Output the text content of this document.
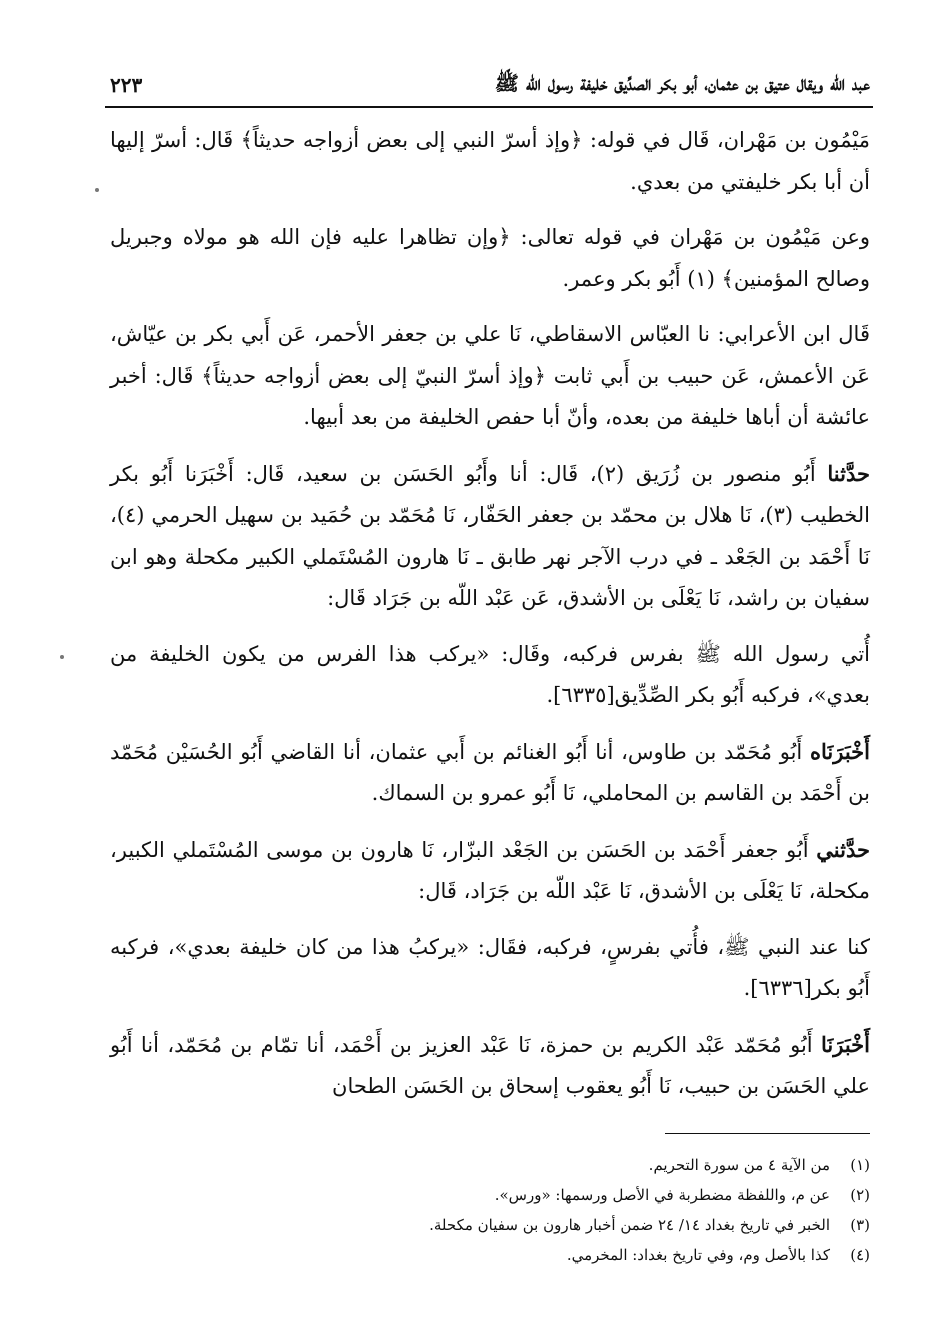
٢٢٣	عبد الله ويقال عتيق بن عثمان، أبو بكر الصدِّيق خليفة رسول الله ﷺ

مَيْمُون بن مَهْران، قَال في قوله: ﴿وإذ أسرّ النبي إلى بعض أزواجه حديثاً﴾ قَال: أسرّ إليها أن أبا بكر خليفتي من بعدي.

وعن مَيْمُون بن مَهْران في قوله تعالى: ﴿وإن تظاهرا عليه فإن الله هو مولاه وجبريل وصالح المؤمنين﴾ (١) أَبُو بكر وعمر.

قَال ابن الأعرابي: نا العبّاس الاسقاطي، نَا علي بن جعفر الأحمر، عَن أَبي بكر بن عيّاش، عَن الأعمش، عَن حبيب بن أَبي ثابت ﴿وإذ أسرّ النبيّ إلى بعض أزواجه حديثاً﴾ قَال: أخبر عائشة أن أباها خليفة من بعده، وأنّ أبا حفص الخليفة من بعد أبيها.

حدَّثنا أَبُو منصور بن زُرَيق (٢)، قَال: أنا وأَبُو الحَسَن بن سعيد، قَال: أَخْبَرَنا أَبُو بكر الخطيب (٣)، نَا هلال بن محمّد بن جعفر الحَفّار، نَا مُحَمّد بن حُمَيد بن سهيل الحرمي (٤)، نَا أَحْمَد بن الجَعْد ـ في درب الآجر نهر طابق ـ نَا هارون المُسْتَملي الكبير مكحلة وهو ابن سفيان بن راشد، نَا يَعْلَى بن الأشدق، عَن عَبْد اللّه بن جَرَاد قَال:

أُتي رسول الله ﷺ بفرس فركبه، وقَال: «يركب هذا الفرس من يكون الخليفة من بعدي»، فركبه أَبُو بكر الصِّدِّيق[٦٣٣٥].

أَخْبَرَنَاه أَبُو مُحَمّد بن طاوس، أنا أَبُو الغنائم بن أَبي عثمان، أنا القاضي أَبُو الحُسَيْن مُحَمّد بن أَحْمَد بن القاسم بن المحاملي، نَا أَبُو عمرو بن السماك.

حدَّثني أَبُو جعفر أَحْمَد بن الحَسَن بن الجَعْد البزّار، نَا هارون بن موسى المُسْتَملي الكبير، مكحلة، نَا يَعْلَى بن الأشدق، نَا عَبْد اللّه بن جَرَاد، قَال:

كنا عند النبي ﷺ، فأُتي بفرسٍ، فركبه، فقَال: «يركبُ هذا من كان خليفة بعدي»، فركبه أَبُو بكر[٦٣٣٦].

أَخْبَرَنَا أَبُو مُحَمّد عَبْد الكريم بن حمزة، نَا عَبْد العزيز بن أَحْمَد، أنا تمّام بن مُحَمّد، أنا أَبُو علي الحَسَن بن حبيب، نَا أَبُو يعقوب إسحاق بن الحَسَن الطحان

(١)
من الآية ٤ من سورة التحريم.
(٢)
عن م، واللفظة مضطربة في الأصل ورسمها: «ورس».
(٣)
الخبر في تاريخ بغداد ١٤/ ٢٤ ضمن أخبار هارون بن سفيان مكحلة.
(٤)
كذا بالأصل وم، وفي تاريخ بغداد: المخرمي.
